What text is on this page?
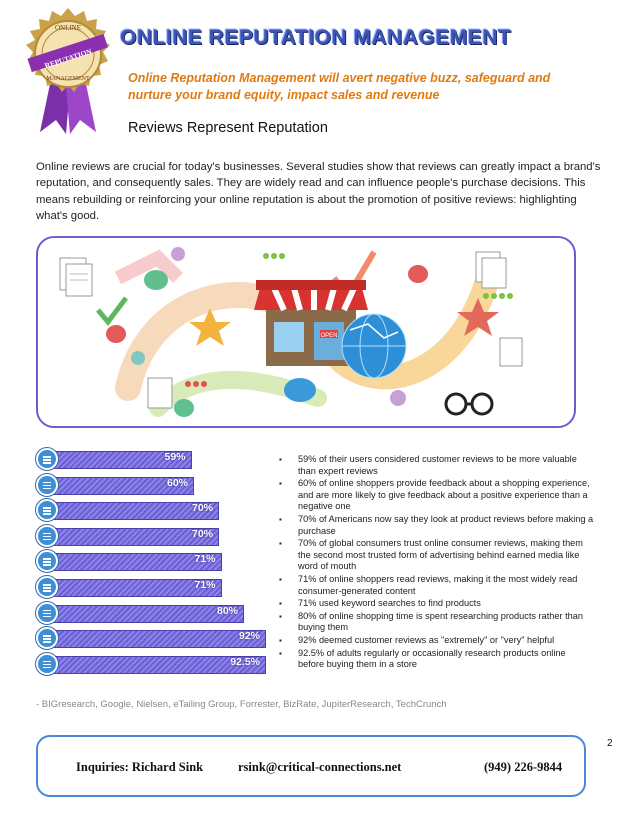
ONLINE
REPUTATION
MANAGEMENT
ONLINE REPUTATION MANAGEMENT
Online Reputation Management will avert negative buzz, safeguard and nurture your brand equity, impact sales and revenue
Reviews Represent Reputation
Online reviews are crucial for today's businesses. Several studies show that reviews can greatly impact a brand's reputation, and consequently sales. They are widely read and can influence people's purchase decisions. This means rebuilding or reinforcing your online reputation is about the promotion of positive reviews: highlighting what's good.
OPEN
59%
60%
70%
70%
71%
71%
80%
92%
92.5%
▪ 59% of their users considered customer reviews to be more valuable than expert reviews
▪ 60% of online shoppers provide feedback about a shopping experience, and are more likely to give feedback about a positive experience than a negative one
▪ 70% of Americans now say they look at product reviews before making a purchase
▪ 70% of global consumers trust online consumer reviews, making them the second most trusted form of advertising behind earned media like word of mouth
▪ 71% of online shoppers read reviews, making it the most widely read consumer-generated content
▪ 71% used keyword searches to find products
▪ 80% of online shopping time is spent researching products rather than buying them
▪ 92% deemed customer reviews as "extremely" or "very" helpful
▪ 92.5% of adults regularly or occasionally research products online before buying them in a store
- BIGresearch, Google, Nielsen, eTailing Group, Forrester, BizRate, JupiterResearch, TechCrunch
2
Inquiries: Richard Sink	rsink@critical-connections.net	(949) 226-9844
